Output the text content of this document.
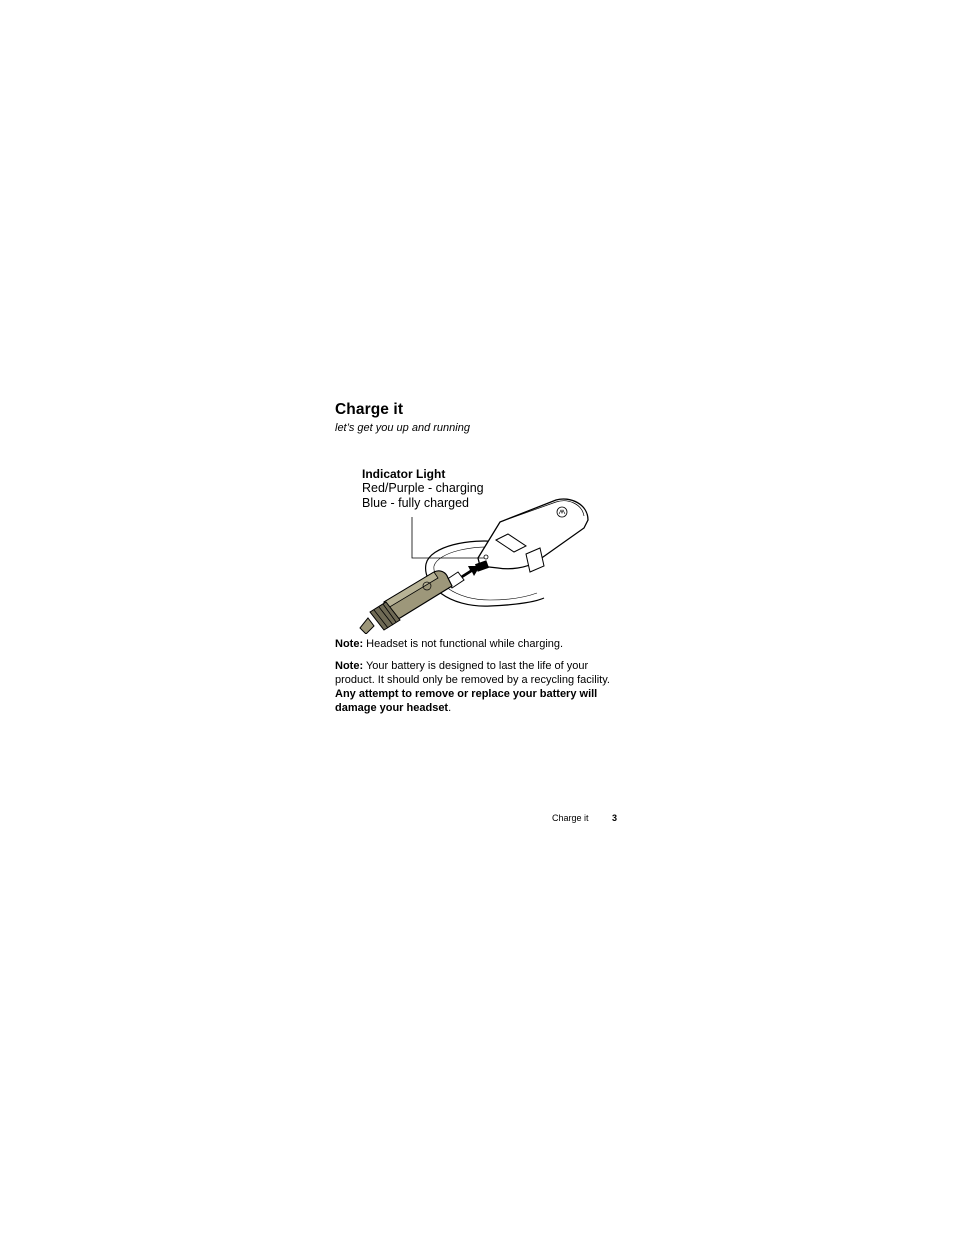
Charge it
let’s get you up and running
Indicator Light
Red/Purple - charging
Blue - fully charged

Note: Headset is not functional while charging.

Note: Your battery is designed to last the life of your product. It should only be removed by a recycling facility. Any attempt to remove or replace your battery will damage your headset.

Charge it	3
